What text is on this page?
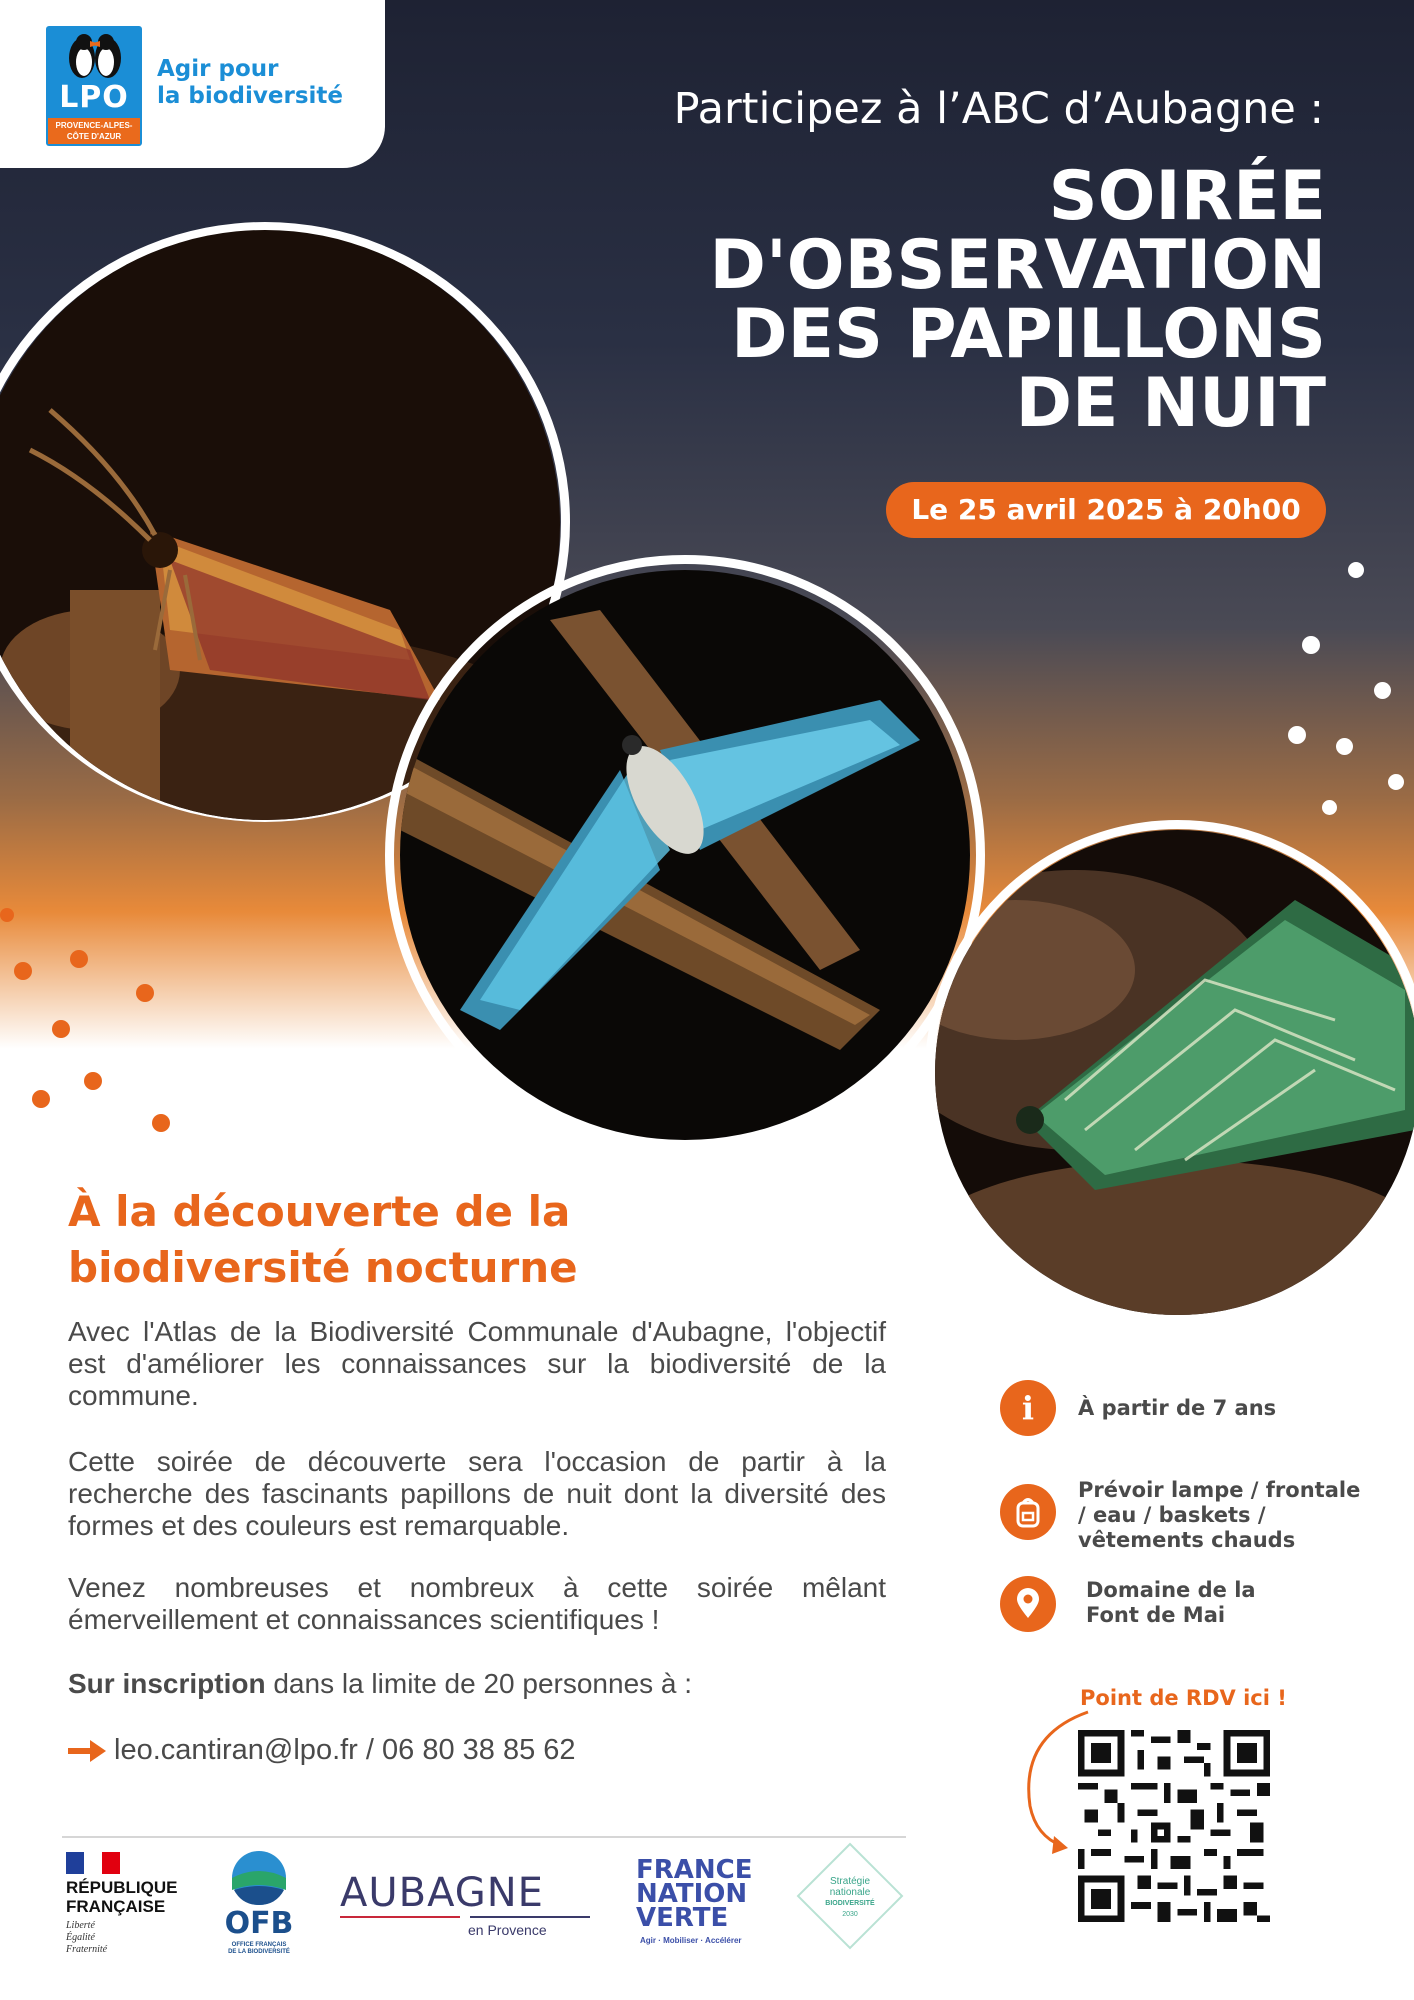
LPO
PROVENCE-ALPES-CÔTE D'AZUR
Agir pour
la biodiversité	Participez à l’ABC d’Aubagne :
SOIRÉE
D'OBSERVATION
DES PAPILLONS
DE NUIT
Le 25 avril 2025 à 20h00
À la découverte de la
biodiversité nocturne

Avec l'Atlas de la Biodiversité Communale d'Aubagne, l'objectif est d'améliorer les connaissances sur la biodiversité de la commune.

Cette soirée de découverte sera l'occasion de partir à la recherche des fascinants papillons de nuit dont la diversité des formes et des couleurs est remarquable.

Venez nombreuses et nombreux à cette soirée mêlant émerveillement et connaissances scientifiques !

Sur inscription dans la limite de 20 personnes à :
leo.cantiran@lpo.fr / 06 80 38 85 62
i	À partir de 7 ans
Prévoir lampe / frontale / eau / baskets / vêtements chauds
Domaine de la
Font de Mai
Point de RDV ici !
RÉPUBLIQUE
FRANÇAISE
Liberté
Égalité
Fraternité
OFB
OFFICE FRANÇAIS
DE LA BIODIVERSITÉ
AUBAGNE
en Provence
FRANCE
NATION
VERTE
Agir · Mobiliser · Accélérer
Stratégie
nationale
BIODIVERSITÉ
2030
